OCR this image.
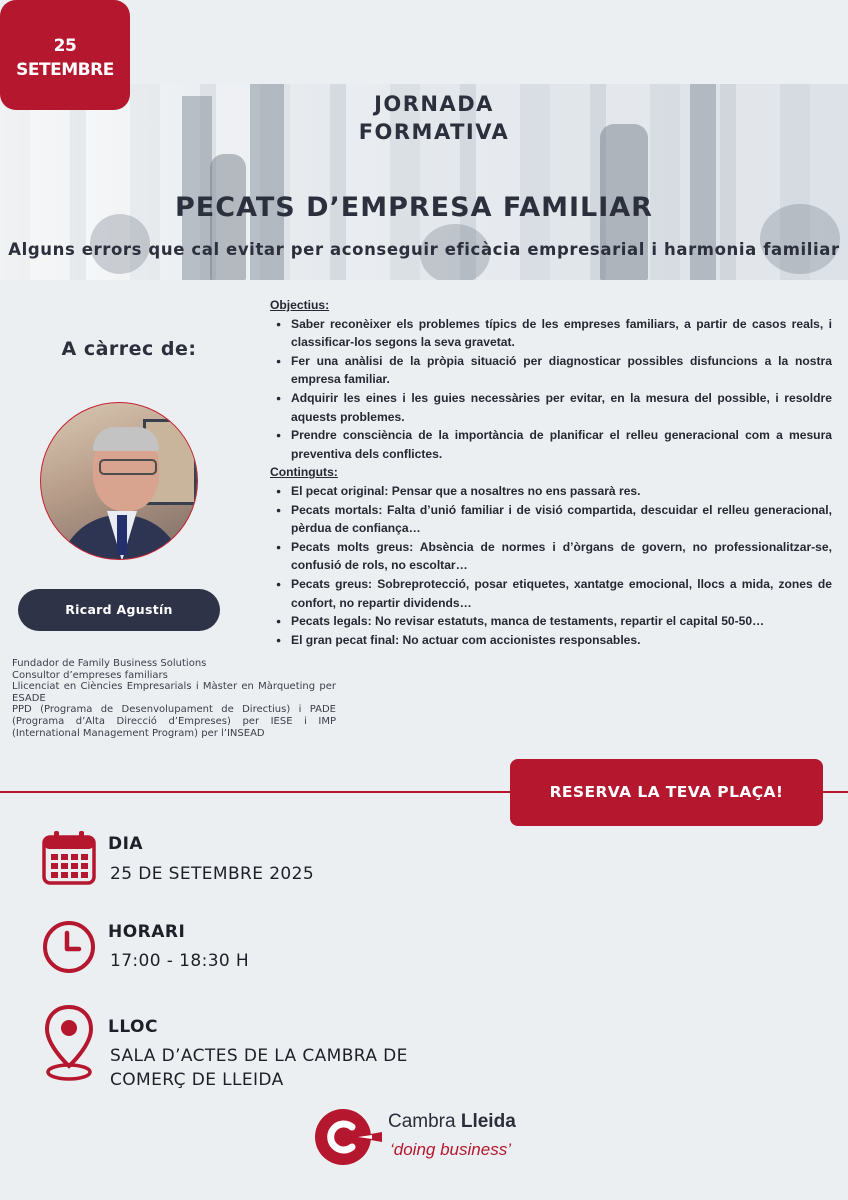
25
SETEMBRE
JORNADA
FORMATIVA
PECATS D’EMPRESA FAMILIAR
Alguns errors que cal evitar per aconseguir eficàcia empresarial i harmonia familiar
A càrrec de:
Ricard Agustín
Fundador de Family Business Solutions
Consultor d’empreses familiars
Llicenciat en Ciències Empresarials i Màster en Màrqueting per ESADE
PPD (Programa de Desenvolupament de Directius) i PADE (Programa d’Alta Direcció d’Empreses) per IESE i IMP (International Management Program) per l’INSEAD
Objectius:
● Saber reconèixer els problemes típics de les empreses familiars, a partir de casos reals, i classificar-los segons la seva gravetat.
● Fer una anàlisi de la pròpia situació per diagnosticar possibles disfuncions a la nostra empresa familiar.
● Adquirir les eines i les guies necessàries per evitar, en la mesura del possible, i resoldre aquests problemes.
● Prendre consciència de la importància de planificar el relleu generacional com a mesura preventiva dels conflictes.
Continguts:
● El pecat original: Pensar que a nosaltres no ens passarà res.
● Pecats mortals: Falta d’unió familiar i de visió compartida, descuidar el relleu generacional, pèrdua de confiança…
● Pecats molts greus: Absència de normes i d’òrgans de govern, no professionalitzar-se, confusió de rols, no escoltar…
● Pecats greus: Sobreprotecció, posar etiquetes, xantatge emocional, llocs a mida, zones de confort, no repartir dividends…
● Pecats legals: No revisar estatuts, manca de testaments, repartir el capital 50-50…
● El gran pecat final: No actuar com accionistes responsables.
RESERVA LA TEVA PLAÇA!
DIA
25 DE SETEMBRE 2025
HORARI
17:00 - 18:30 H
LLOC
SALA D’ACTES DE LA CAMBRA DE
COMERÇ DE LLEIDA
Cambra Lleida
‘doing business’
